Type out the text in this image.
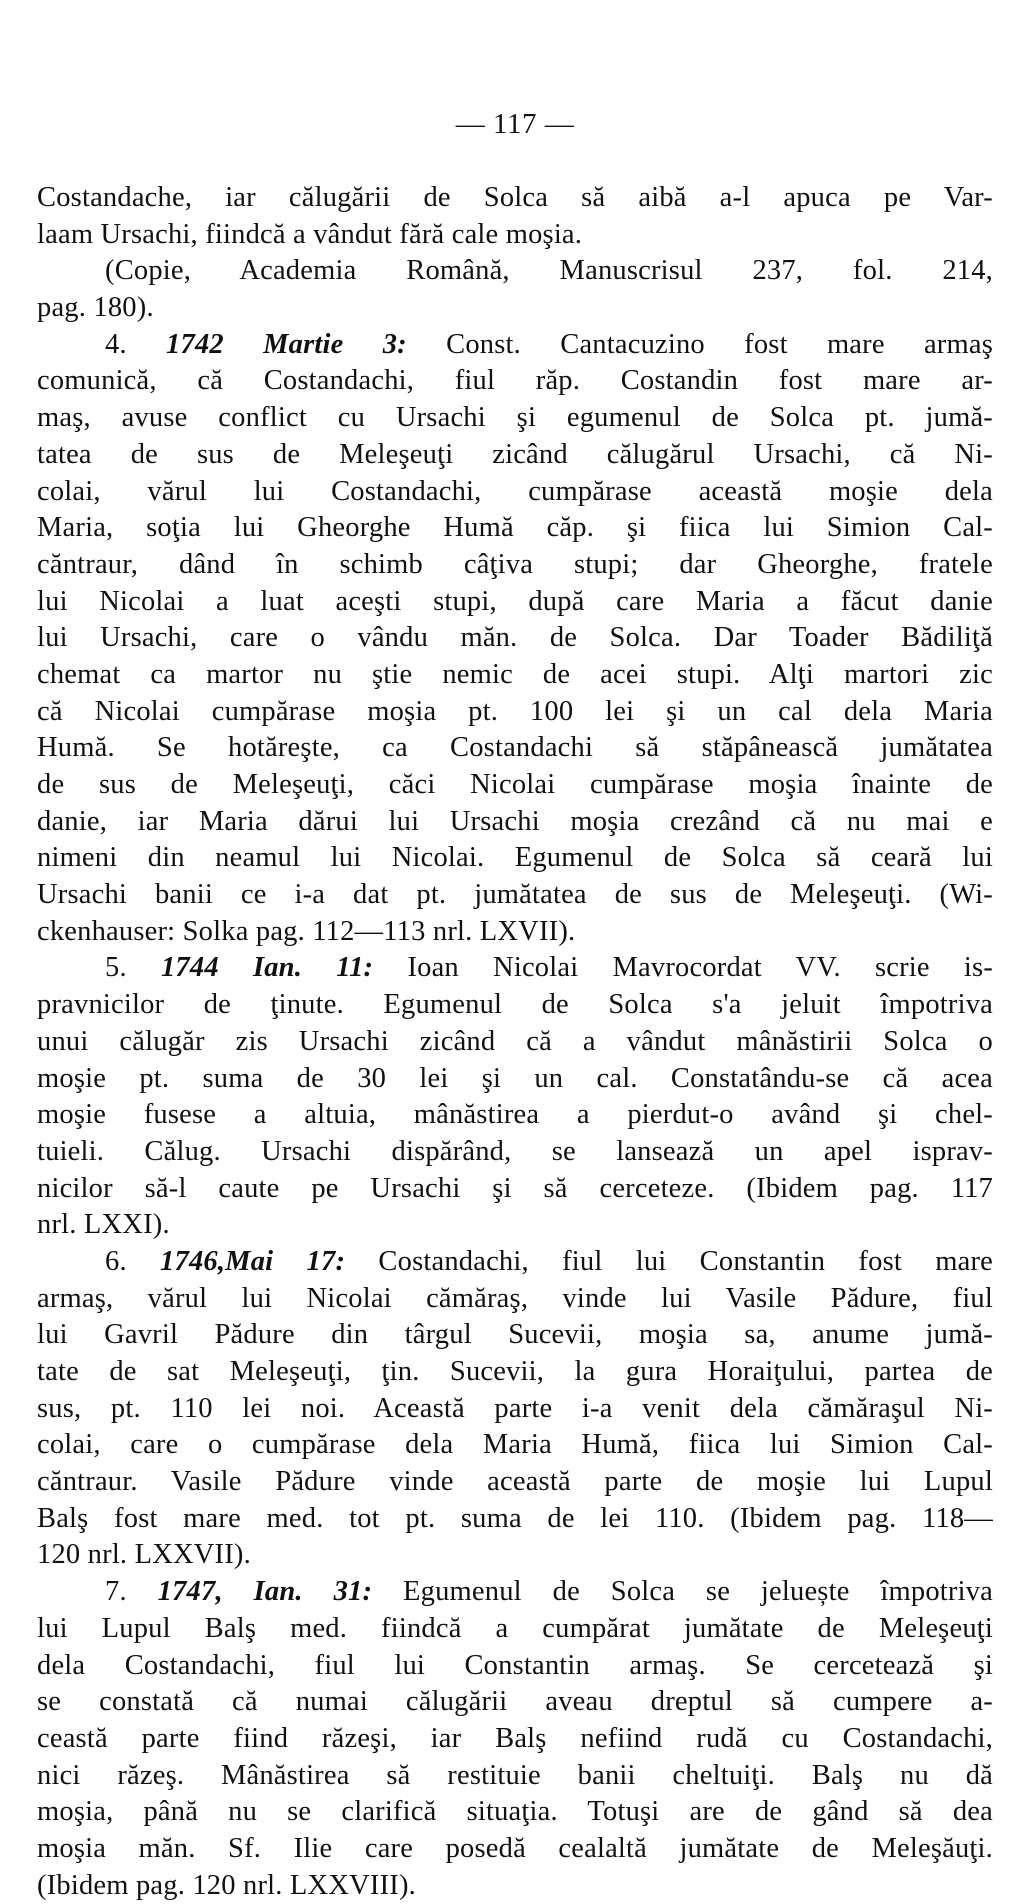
— 117 —
Costandache, iar călugării de Solca să aibă a-l apuca pe Var-
laam Ursachi, fiindcă a vândut fără cale moşia.
(Copie, Academia Română, Manuscrisul 237, fol. 214,
pag. 180).
4. 1742 Martie 3: Const. Cantacuzino fost mare armaş
comunică, că Costandachi, fiul răp. Costandin fost mare ar-
maş, avuse conflict cu Ursachi şi egumenul de Solca pt. jumă-
tatea de sus de Meleşeuţi zicând călugărul Ursachi, că Ni-
colai, vărul lui Costandachi, cumpărase această moşie dela
Maria, soţia lui Gheorghe Humă căp. şi fiica lui Simion Cal-
căntraur, dând în schimb câţiva stupi; dar Gheorghe, fratele
lui Nicolai a luat aceşti stupi, după care Maria a făcut danie
lui Ursachi, care o vându măn. de Solca. Dar Toader Bădiliţă
chemat ca martor nu ştie nemic de acei stupi. Alţi martori zic
că Nicolai cumpărase moşia pt. 100 lei şi un cal dela Maria
Humă. Se hotăreşte, ca Costandachi să stăpânească jumătatea
de sus de Meleşeuţi, căci Nicolai cumpărase moşia înainte de
danie, iar Maria dărui lui Ursachi moşia crezând că nu mai e
nimeni din neamul lui Nicolai. Egumenul de Solca să ceară lui
Ursachi banii ce i-a dat pt. jumătatea de sus de Meleşeuţi. (Wi-
ckenhauser: Solka pag. 112—113 nrl. LXVII).
5. 1744 Ian. 11: Ioan Nicolai Mavrocordat VV. scrie is-
pravnicilor de ţinute. Egumenul de Solca s'a jeluit împotriva
unui călugăr zis Ursachi zicând că a vândut mânăstirii Solca o
moşie pt. suma de 30 lei şi un cal. Constatându-se că acea
moşie fusese a altuia, mânăstirea a pierdut-o având şi chel-
tuieli. Călug. Ursachi dispărând, se lansează un apel isprav-
nicilor să-l caute pe Ursachi şi să cerceteze. (Ibidem pag. 117
nrl. LXXI).
6. 1746,Mai 17: Costandachi, fiul lui Constantin fost mare
armaş, vărul lui Nicolai cămăraş, vinde lui Vasile Pădure, fiul
lui Gavril Pădure din târgul Sucevii, moşia sa, anume jumă-
tate de sat Meleşeuţi, ţin. Sucevii, la gura Horaiţului, partea de
sus, pt. 110 lei noi. Această parte i-a venit dela cămăraşul Ni-
colai, care o cumpărase dela Maria Humă, fiica lui Simion Cal-
căntraur. Vasile Pădure vinde această parte de moşie lui Lupul
Balş fost mare med. tot pt. suma de lei 110. (Ibidem pag. 118—
120 nrl. LXXVII).
7. 1747, Ian. 31: Egumenul de Solca se jeluește împotriva
lui Lupul Balş med. fiindcă a cumpărat jumătate de Meleşeuţi
dela Costandachi, fiul lui Constantin armaş. Se cercetează şi
se constată că numai călugării aveau dreptul să cumpere a-
ceastă parte fiind răzeşi, iar Balş nefiind rudă cu Costandachi,
nici răzeş. Mânăstirea să restituie banii cheltuiţi. Balş nu dă
moşia, până nu se clarifică situaţia. Totuşi are de gând să dea
moşia măn. Sf. Ilie care posedă cealaltă jumătate de Meleşăuţi.
(Ibidem pag. 120 nrl. LXXVIII).
